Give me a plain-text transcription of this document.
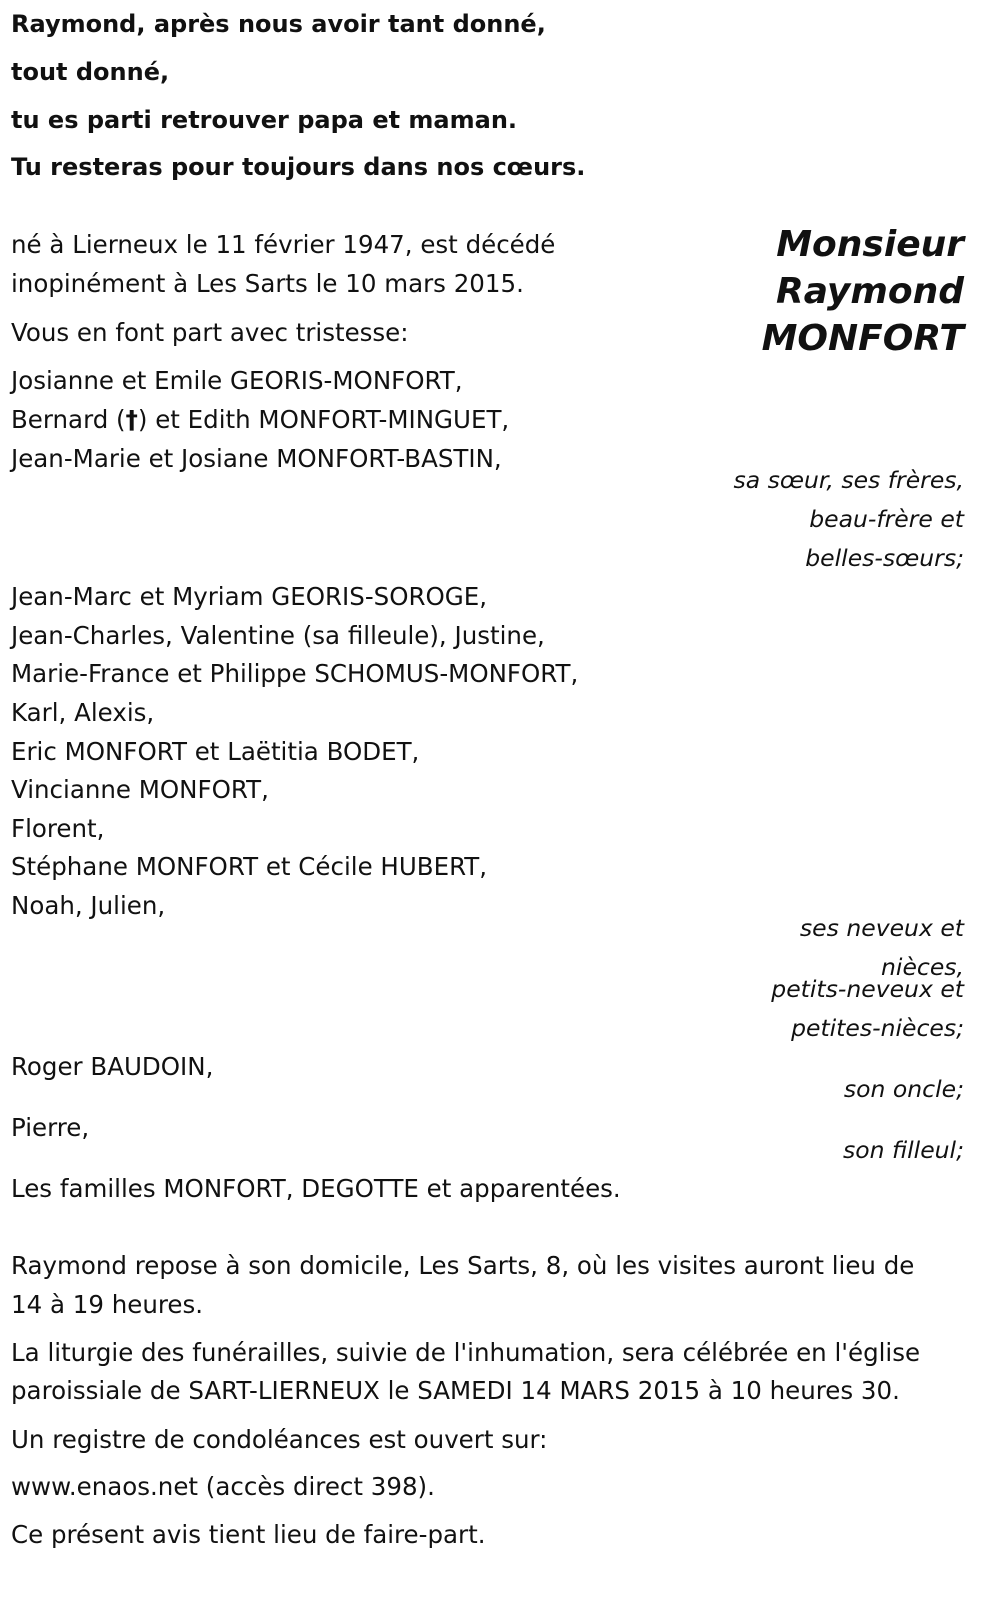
Raymond, après nous avoir tant donné,
tout donné,
tu es parti retrouver papa et maman.
Tu resteras pour toujours dans nos cœurs.
Monsieur
Raymond
MONFORT
né à Lierneux le 11 février 1947, est décédé
inopinément à Les Sarts le 10 mars 2015.
Vous en font part avec tristesse:
Josianne et Emile GEORIS-MONFORT,
Bernard (†) et Edith MONFORT-MINGUET,
Jean-Marie et Josiane MONFORT-BASTIN,
sa sœur, ses frères,
beau-frère et
belles-sœurs;
Jean-Marc et Myriam GEORIS-SOROGE,
Jean-Charles, Valentine (sa filleule), Justine,
Marie-France et Philippe SCHOMUS-MONFORT,
Karl, Alexis,
Eric MONFORT et Laëtitia BODET,
Vincianne MONFORT,
Florent,
Stéphane MONFORT et Cécile HUBERT,
Noah, Julien,
ses neveux et
nièces,
petits-neveux et
petites-nièces;
Roger BAUDOIN,
son oncle;
Pierre,
son filleul;
Les familles MONFORT, DEGOTTE et apparentées.
Raymond repose à son domicile, Les Sarts, 8, où les visites auront lieu de
14 à 19 heures.
La liturgie des funérailles, suivie de l'inhumation, sera célébrée en l'église
paroissiale de SART-LIERNEUX le SAMEDI 14 MARS 2015 à 10 heures 30.
Un registre de condoléances est ouvert sur:
www.enaos.net (accès direct 398).
Ce présent avis tient lieu de faire-part.
